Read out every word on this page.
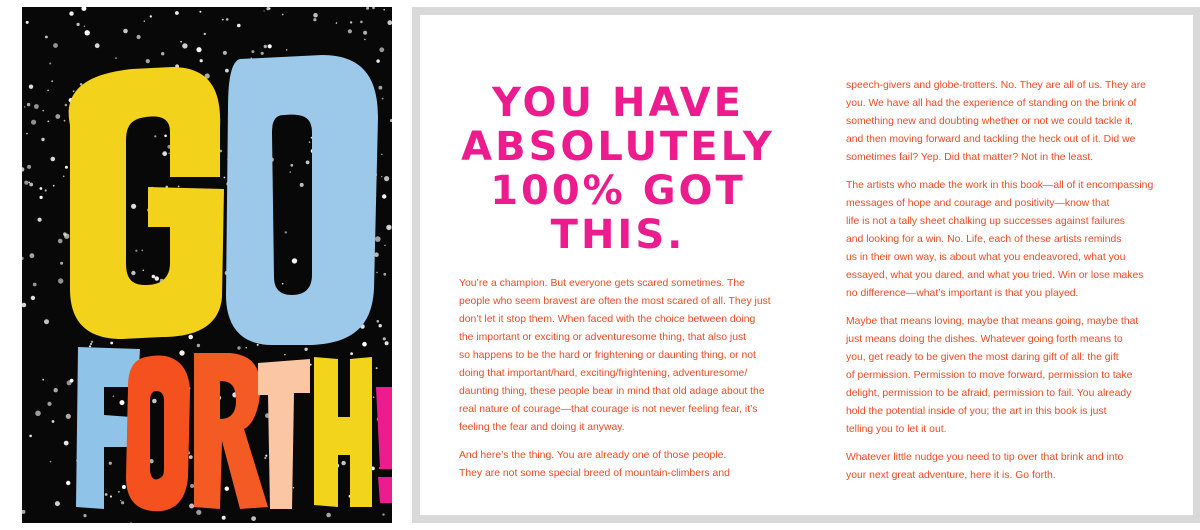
YOU HAVE
ABSOLUTELY
100% GOT
THIS.

You’re a champion. But everyone gets scared sometimes. The
people who seem bravest are often the most scared of all. They just
don’t let it stop them. When faced with the choice between doing
the important or exciting or adventuresome thing, that also just
so happens to be the hard or frightening or daunting thing, or not
doing that important/hard, exciting/frightening, adventuresome/
daunting thing, these people bear in mind that old adage about the
real nature of courage—that courage is not never feeling fear, it’s
feeling the fear and doing it anyway.

And here’s the thing. You are already one of those people.
They are not some special breed of mountain-climbers and

speech-givers and globe-trotters. No. They are all of us. They are
you. We have all had the experience of standing on the brink of
something new and doubting whether or not we could tackle it,
and then moving forward and tackling the heck out of it. Did we
sometimes fail? Yep. Did that matter? Not in the least.

The artists who made the work in this book—all of it encompassing
messages of hope and courage and positivity—know that
life is not a tally sheet chalking up successes against failures
and looking for a win. No. Life, each of these artists reminds
us in their own way, is about what you endeavored, what you
essayed, what you dared, and what you tried. Win or lose makes
no difference—what’s important is that you played.

Maybe that means loving, maybe that means going, maybe that
just means doing the dishes. Whatever going forth means to
you, get ready to be given the most daring gift of all: the gift
of permission. Permission to move forward, permission to take
delight, permission to be afraid, permission to fail. You already
hold the potential inside of you; the art in this book is just
telling you to let it out.

Whatever little nudge you need to tip over that brink and into
your next great adventure, here it is. Go forth.
